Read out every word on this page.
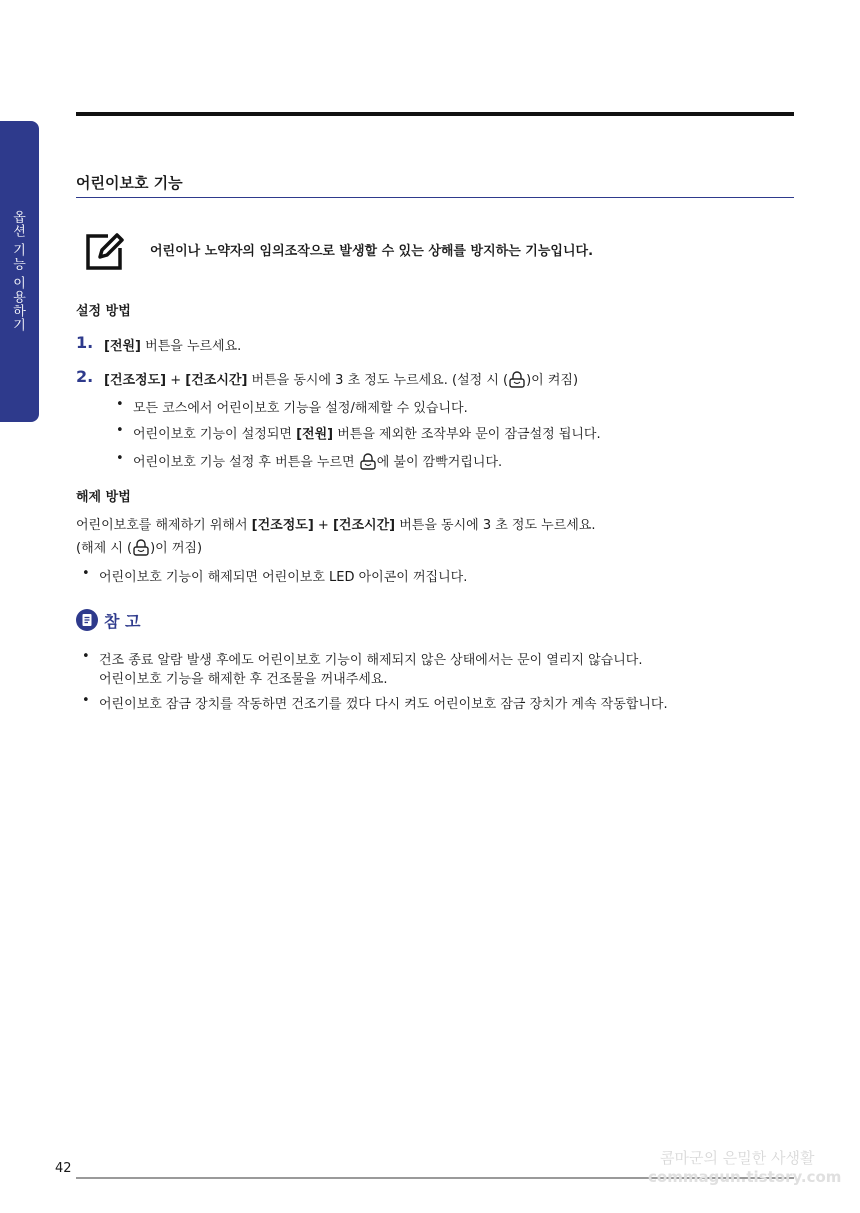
옵션 기능 이용하기
어린이보호 기능
어린이나 노약자의 임의조작으로 발생할 수 있는 상해를 방지하는 기능입니다.
설정 방법
1. [전원] 버튼을 누르세요.
2. [건조정도] + [건조시간] 버튼을 동시에 3 초 정도 누르세요. (설정 시 ( )이 켜짐)
• 모든 코스에서 어린이보호 기능을 설정/해제할 수 있습니다.
• 어린이보호 기능이 설정되면 [전원] 버튼을 제외한 조작부와 문이 잠금설정 됩니다.
• 어린이보호 기능 설정 후 버튼을 누르면 에 불이 깜빡거립니다.
해제 방법
어린이보호를 해제하기 위해서 [건조정도] + [건조시간] 버튼을 동시에 3 초 정도 누르세요.
(해제 시 ( )이 꺼짐)
• 어린이보호 기능이 해제되면 어린이보호 LED 아이콘이 꺼집니다.
참 고
• 건조 종료 알람 발생 후에도 어린이보호 기능이 해제되지 않은 상태에서는 문이 열리지 않습니다.
어린이보호 기능을 해제한 후 건조물을 꺼내주세요.
• 어린이보호 잠금 장치를 작동하면 건조기를 껐다 다시 켜도 어린이보호 잠금 장치가 계속 작동합니다.
42
콤마군의 은밀한 사생활
commagun.tistory.com
